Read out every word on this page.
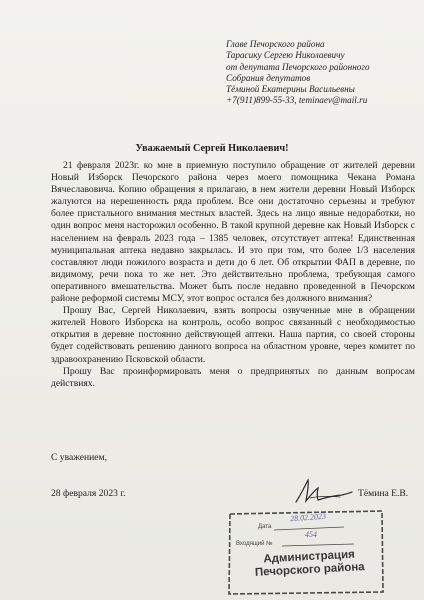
Главе Печорского района
Тарасику Сергею Николаевичу
от депутата Печорского районного
Собрания депутатов
Тёминой Екатерины Васильевны
+7(911)899-55-33, teminaev@mail.ru
Уважаемый Сергей Николаевич!

21 февраля 2023г. ко мне в приемную поступило обращение от жителей деревни Новый Изборск Печорского района через моего помощника Чекана Романа Вячеславовича. Копию обращения я прилагаю, в нем жители деревни Новый Изборск жалуются на нерешенность ряда проблем. Все они достаточно серьезны и требуют более пристального внимания местных властей. Здесь на лицо явные недоработки, но один вопрос меня насторожил особенно. В такой крупной деревне как Новый Изборск с населением на февраль 2023 года – 1385 человек, отсутствует аптека! Единственная муниципальная аптека недавно закрылась. И это при том, что более 1/3 населения составляют люди пожилого возраста и дети до 6 лет. Об открытии ФАП в деревне, по видимому, речи пока то же нет. Это действительно проблема, требующая самого оперативного вмешательства. Может быть после недавно проведенной в Печорском районе реформой системы МСУ, этот вопрос остался без должного внимания?

Прошу Вас, Сергей Николаевич, взять вопросы озвученные мне в обращении жителей Нового Изборска на контроль, особо вопрос связанный с необходимостью открытия в деревне постоянно действующей аптеки. Наша партия, со своей стороны будет содействовать решению данного вопроса на областном уровне, через комитет по здравоохранению Псковской области.

Прошу Вас проинформировать меня о предпринятых по данным вопросам действиях.

С уважением,
28 февраля 2023 г.	Тёмина Е.В.
Дата
28.02.2023
Входящий №
454
Администрация
Печорского района
